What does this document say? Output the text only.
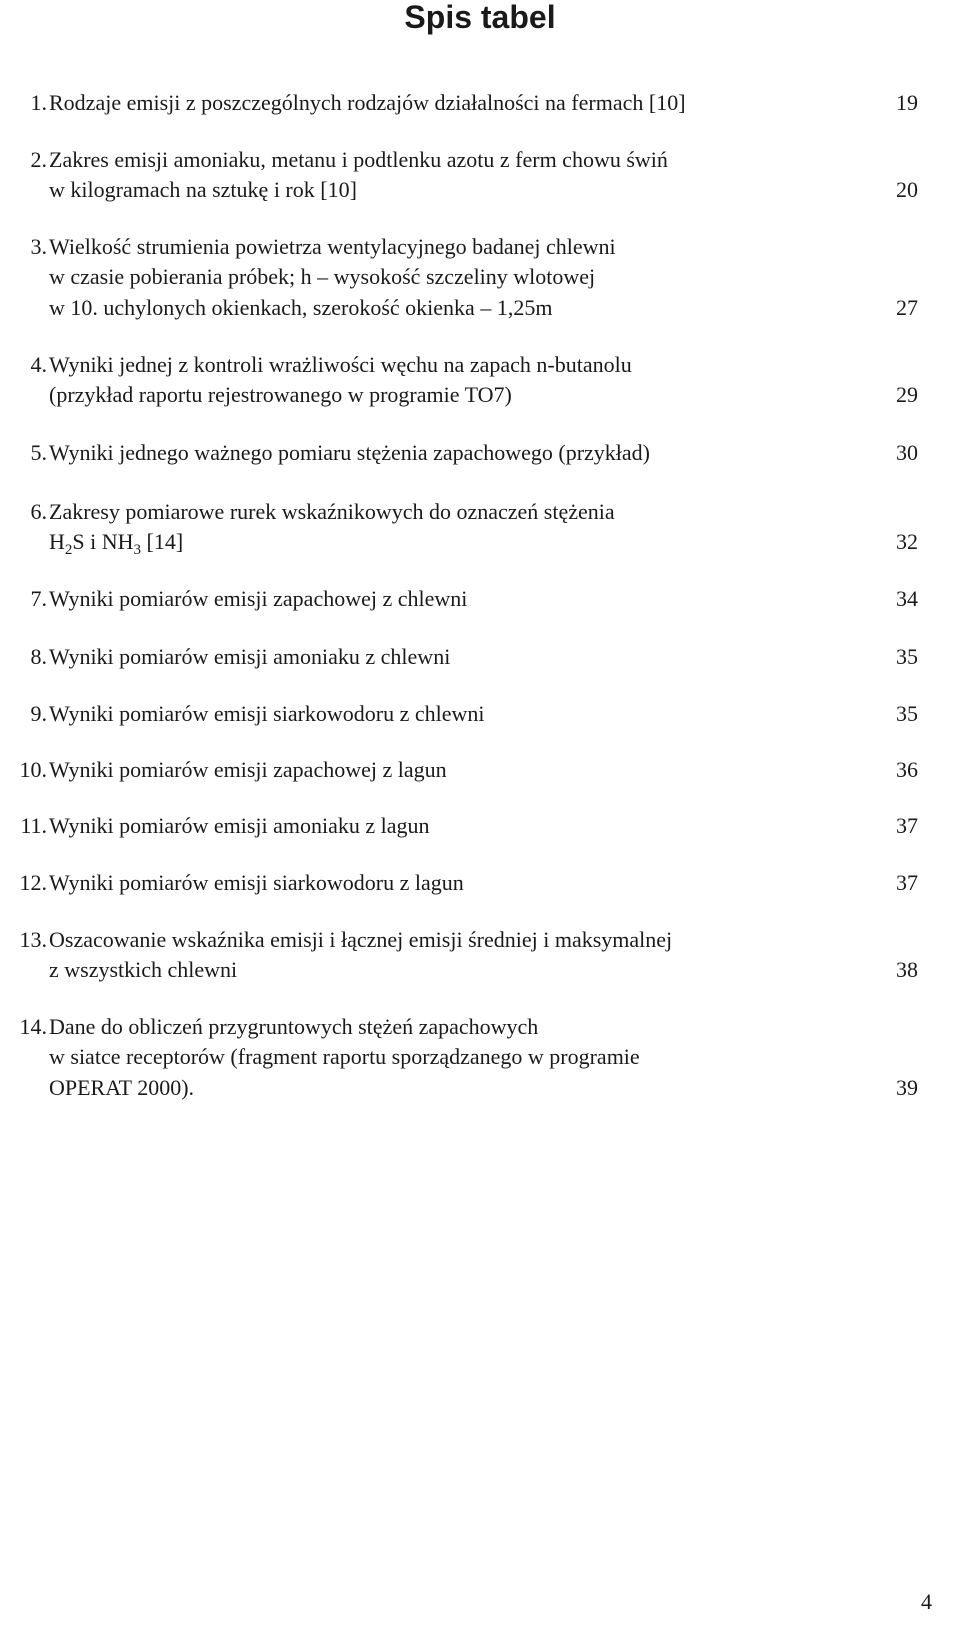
Spis tabel
1. Rodzaje emisji z poszczególnych rodzajów działalności na fermach [10]	19
2. Zakres emisji amoniaku, metanu i podtlenku azotu z ferm chowu świń
w kilogramach na sztukę i rok [10]	20
3. Wielkość strumienia powietrza wentylacyjnego badanej chlewni
w czasie pobierania próbek; h – wysokość szczeliny wlotowej
w 10. uchylonych okienkach, szerokość okienka – 1,25m	27
4. Wyniki jednej z kontroli wrażliwości węchu na zapach n-butanolu
(przykład raportu rejestrowanego w programie TO7)	29
5. Wyniki jednego ważnego pomiaru stężenia zapachowego (przykład)	30
6. Zakresy pomiarowe rurek wskaźnikowych do oznaczeń stężenia
$H_2S$ i $NH_3$ [14]	32
7. Wyniki pomiarów emisji zapachowej z chlewni	34
8. Wyniki pomiarów emisji amoniaku z chlewni	35
9. Wyniki pomiarów emisji siarkowodoru z chlewni	35
10. Wyniki pomiarów emisji zapachowej z lagun	36
11. Wyniki pomiarów emisji amoniaku z lagun	37
12. Wyniki pomiarów emisji siarkowodoru z lagun	37
13. Oszacowanie wskaźnika emisji i łącznej emisji średniej i maksymalnej
z wszystkich chlewni	38
14. Dane do obliczeń przygruntowych stężeń zapachowych
w siatce receptorów (fragment raportu sporządzanego w programie
OPERAT 2000).	39
4
